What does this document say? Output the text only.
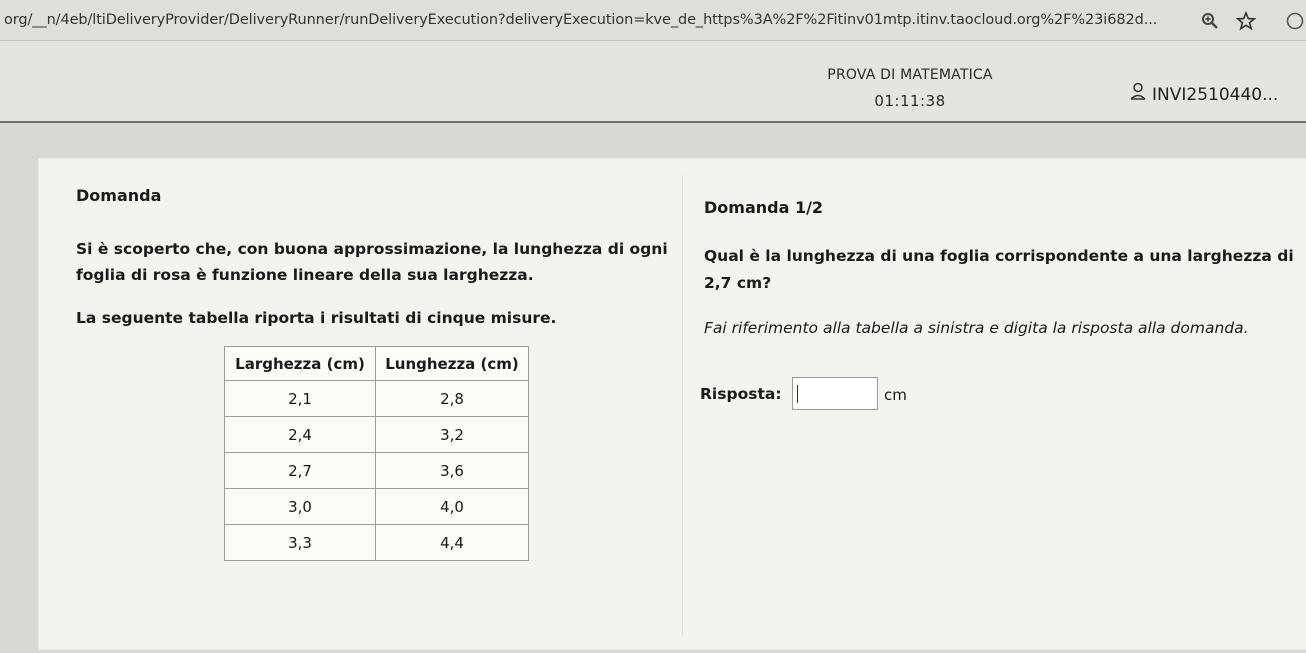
org/__n/4eb/ltiDeliveryProvider/DeliveryRunner/runDeliveryExecution?deliveryExecution=kve_de_https%3A%2F%2Fitinv01mtp.itinv.taocloud.org%2F%23i682d...
PROVA DI MATEMATICA
01:11:38	INVI2510440...
Domanda
Si è scoperto che, con buona approssimazione, la lunghezza di ogni foglia di rosa è funzione lineare della sua larghezza.
La seguente tabella riporta i risultati di cinque misure.
Larghezza (cm)	Lunghezza (cm)
2,1	2,8
2,4	3,2
2,7	3,6
3,0	4,0
3,3	4,4
Domanda 1/2
Qual è la lunghezza di una foglia corrispondente a una larghezza di 2,7 cm?
Fai riferimento alla tabella a sinistra e digita la risposta alla domanda.
Risposta:	cm
